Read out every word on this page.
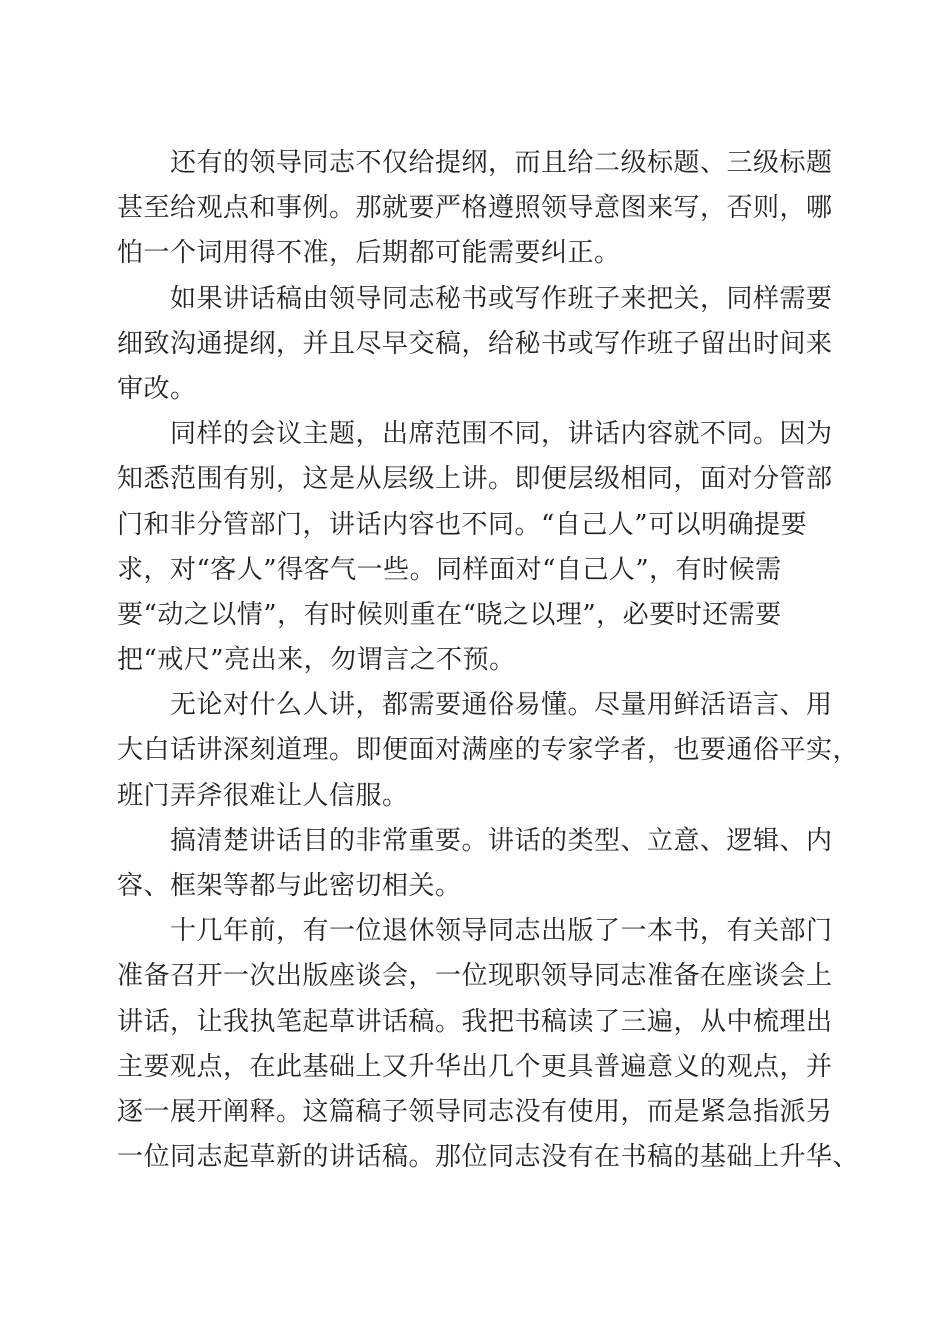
　　还有的领导同志不仅给提纲，而且给二级标题、三级标题
甚至给观点和事例。那就要严格遵照领导意图来写，否则，哪
怕一个词用得不准，后期都可能需要纠正。
　　如果讲话稿由领导同志秘书或写作班子来把关，同样需要
细致沟通提纲，并且尽早交稿，给秘书或写作班子留出时间来
审改。
　　同样的会议主题，出席范围不同，讲话内容就不同。因为
知悉范围有别，这是从层级上讲。即便层级相同，面对分管部
门和非分管部门，讲话内容也不同。“自己人”可以明确提要
求，对“客人”得客气一些。同样面对“自己人”，有时候需
要“动之以情”，有时候则重在“晓之以理”，必要时还需要
把“戒尺”亮出来，勿谓言之不预。
　　无论对什么人讲，都需要通俗易懂。尽量用鲜活语言、用
大白话讲深刻道理。即便面对满座的专家学者，也要通俗平实，
班门弄斧很难让人信服。
　　搞清楚讲话目的非常重要。讲话的类型、立意、逻辑、内
容、框架等都与此密切相关。
　　十几年前，有一位退休领导同志出版了一本书，有关部门
准备召开一次出版座谈会，一位现职领导同志准备在座谈会上
讲话，让我执笔起草讲话稿。我把书稿读了三遍，从中梳理出
主要观点，在此基础上又升华出几个更具普遍意义的观点，并
逐一展开阐释。这篇稿子领导同志没有使用，而是紧急指派另
一位同志起草新的讲话稿。那位同志没有在书稿的基础上升华、
